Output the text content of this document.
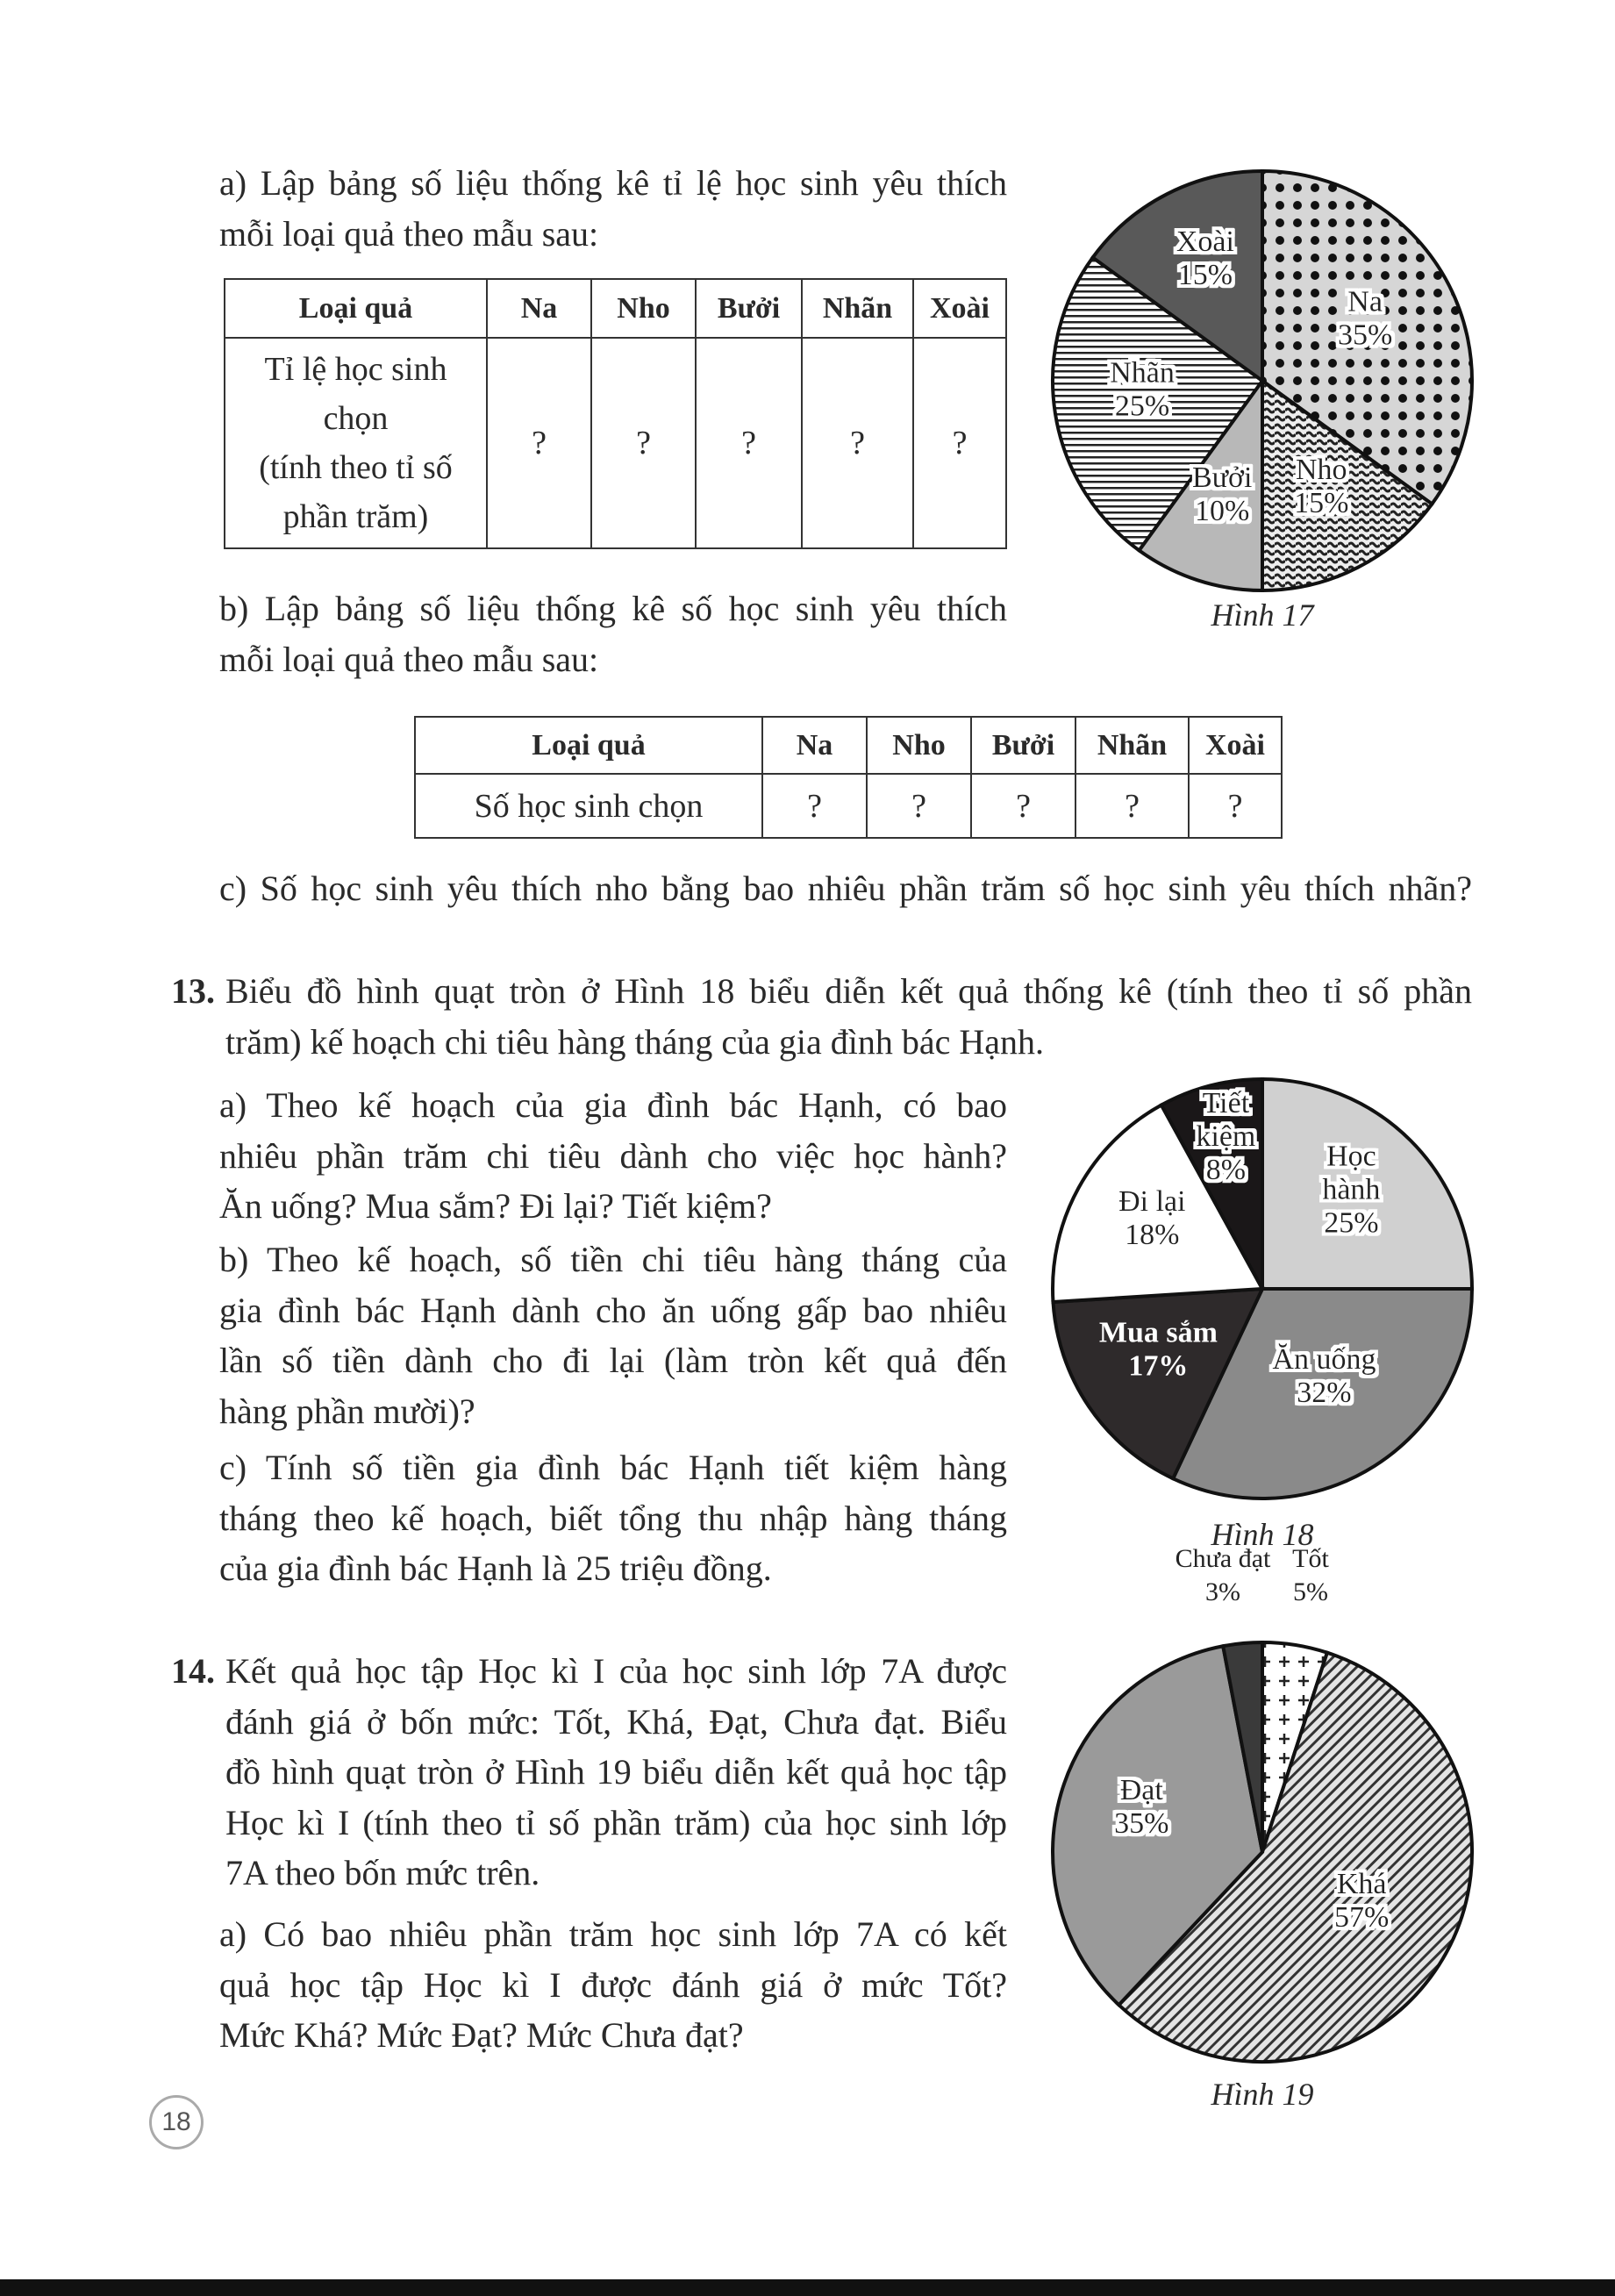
a) Lập bảng số liệu thống kê tỉ lệ học sinh yêu thích
mỗi loại quả theo mẫu sau:
Loại quả	Na	Nho	Bưởi	Nhãn	Xoài

Tỉ lệ học sinh
chọn
(tính theo tỉ số
phần trăm)	?	?	?	?	?
b) Lập bảng số liệu thống kê số học sinh yêu thích
mỗi loại quả theo mẫu sau:
Loại quả	Na	Nho	Bưởi	Nhãn	Xoài
Số học sinh chọn	?	?	?	?	?
c) Số học sinh yêu thích nho bằng bao nhiêu phần trăm số học sinh yêu thích nhãn?
Na
35%
Nho
15%
Bưởi
10%
Nhãn
25%
Xoài
15%
Hình 17
13. Biểu đồ hình quạt tròn ở Hình 18 biểu diễn kết quả thống kê (tính theo tỉ số phần
trăm) kế hoạch chi tiêu hàng tháng của gia đình bác Hạnh.
a) Theo kế hoạch của gia đình bác Hạnh, có bao
nhiêu phần trăm chi tiêu dành cho việc học hành?
Ăn uống? Mua sắm? Đi lại? Tiết kiệm?
b) Theo kế hoạch, số tiền chi tiêu hàng tháng của
gia đình bác Hạnh dành cho ăn uống gấp bao nhiêu
lần số tiền dành cho đi lại (làm tròn kết quả đến
hàng phần mười)?
c) Tính số tiền gia đình bác Hạnh tiết kiệm hàng
tháng theo kế hoạch, biết tổng thu nhập hàng tháng
của gia đình bác Hạnh là 25 triệu đồng.
Học
hành
25%
Ăn uống
32%
Mua sắm
17%
Đi lại
18%
Tiết
kiệm
8%
Hình 18
14. Kết quả học tập Học kì I của học sinh lớp 7A được
đánh giá ở bốn mức: Tốt, Khá, Đạt, Chưa đạt. Biểu
đồ hình quạt tròn ở Hình 19 biểu diễn kết quả học tập
Học kì I (tính theo tỉ số phần trăm) của học sinh lớp
7A theo bốn mức trên.
a) Có bao nhiêu phần trăm học sinh lớp 7A có kết
quả học tập Học kì I được đánh giá ở mức Tốt?
Mức Khá? Mức Đạt? Mức Chưa đạt?
Tốt
5%
Khá
57%
Đạt
35%
Chưa đạt
3%
Hình 19
18
